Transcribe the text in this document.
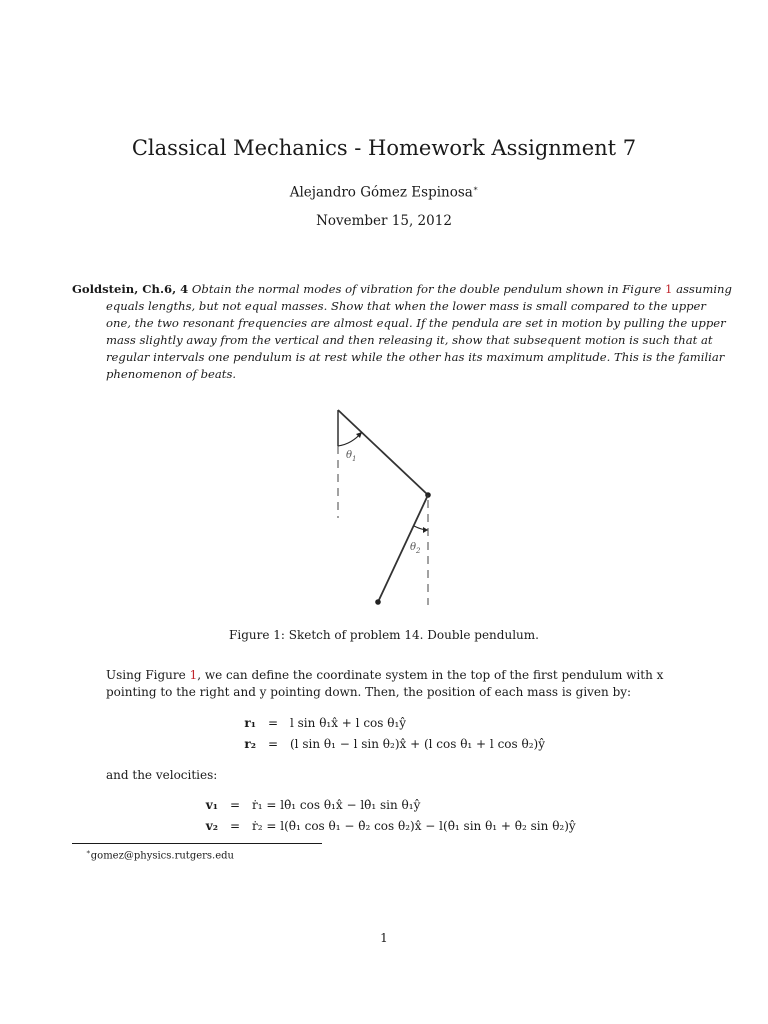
Classical Mechanics - Homework Assignment 7
Alejandro Gómez Espinosa∗
November 15, 2012
Goldstein, Ch.6, 4 Obtain the normal modes of vibration for the double pendulum shown in Figure 1 assuming equals lengths, but not equal masses. Show that when the lower mass is small compared to the upper one, the two resonant frequencies are almost equal. If the pendula are set in motion by pulling the upper mass slightly away from the vertical and then releasing it, show that subsequent motion is such that at regular intervals one pendulum is at rest while the other has its maximum amplitude. This is the familiar phenomenon of beats.
$\theta_1$
$\theta_2$
Figure 1: Sketch of problem 14. Double pendulum.
Using Figure 1, we can define the coordinate system in the top of the first pendulum with x pointing to the right and y pointing down. Then, the position of each mass is given by:
r₁ = l sin θ₁x̂ + l cos θ₁ŷ
r₂ = (l sin θ₁ − l sin θ₂)x̂ + (l cos θ₁ + l cos θ₂)ŷ
and the velocities:
v₁ = ṙ₁ = lθ̇₁ cos θ₁x̂ − lθ̇₁ sin θ₁ŷ
v₂ = ṙ₂ = l(θ̇₁ cos θ₁ − θ̇₂ cos θ₂)x̂ − l(θ̇₁ sin θ₁ + θ̇₂ sin θ₂)ŷ
∗gomez@physics.rutgers.edu
1
